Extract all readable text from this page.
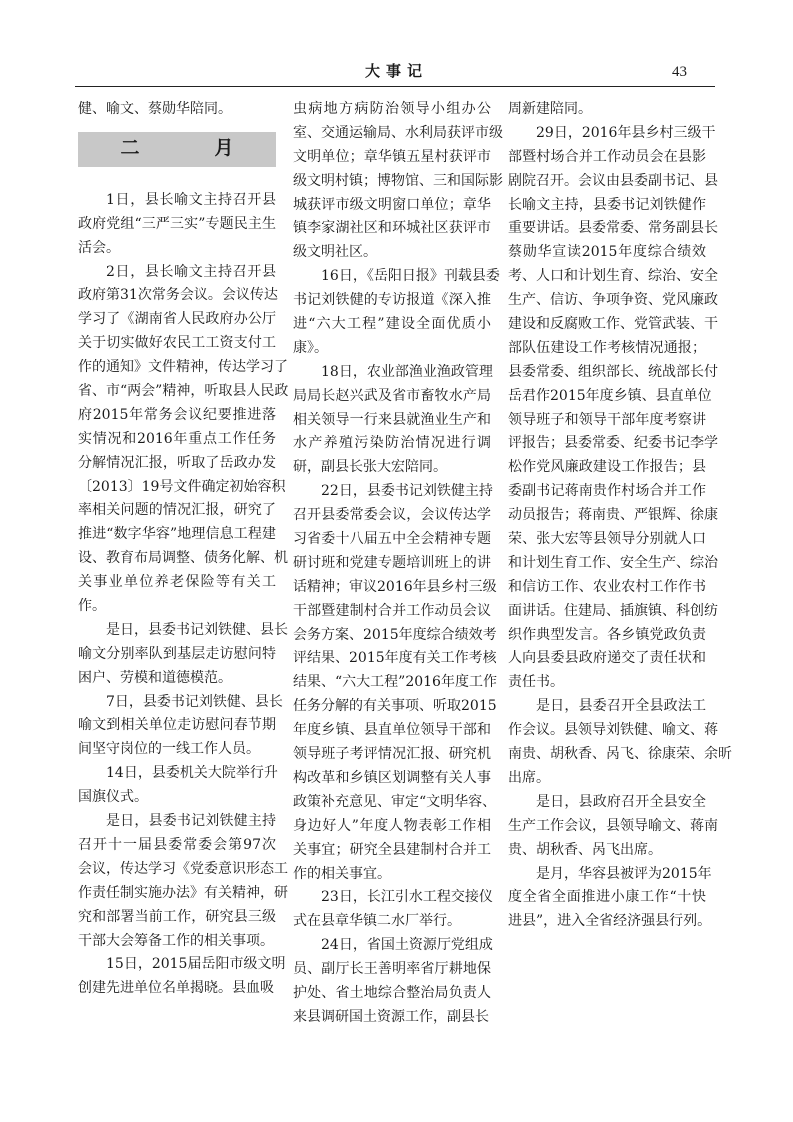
大事记	43
健、喻文、蔡勋华陪同。
二　月
1日，县长喻文主持召开县
政府党组“三严三实”专题民主生
活会。
2日，县长喻文主持召开县
政府第31次常务会议。会议传达
学习了《湖南省人民政府办公厅
关于切实做好农民工工资支付工
作的通知》文件精神，传达学习了
省、市“两会”精神，听取县人民政
府2015年常务会议纪要推进落
实情况和2016年重点工作任务
分解情况汇报，听取了岳政办发
〔2013〕19号文件确定初始容积
率相关问题的情况汇报，研究了
推进“数字华容”地理信息工程建
设、教育布局调整、债务化解、机
关事业单位养老保险等有关工
作。
是日，县委书记刘铁健、县长
喻文分别率队到基层走访慰问特
困户、劳模和道德模范。
7日，县委书记刘铁健、县长
喻文到相关单位走访慰问春节期
间坚守岗位的一线工作人员。
14日，县委机关大院举行升
国旗仪式。
是日，县委书记刘铁健主持
召开十一届县委常委会第97次
会议，传达学习《党委意识形态工
作责任制实施办法》有关精神，研
究和部署当前工作，研究县三级
干部大会筹备工作的相关事项。
15日，2015届岳阳市级文明
创建先进单位名单揭晓。县血吸
虫病地方病防治领导小组办公
室、交通运输局、水利局获评市级
文明单位；章华镇五星村获评市
级文明村镇；博物馆、三和国际影
城获评市级文明窗口单位；章华
镇李家湖社区和环城社区获评市
级文明社区。
16日，《岳阳日报》刊载县委
书记刘铁健的专访报道《深入推
进“六大工程”建设全面优质小
康》。
18日，农业部渔业渔政管理
局局长赵兴武及省市畜牧水产局
相关领导一行来县就渔业生产和
水产养殖污染防治情况进行调
研，副县长张大宏陪同。
22日，县委书记刘铁健主持
召开县委常委会议，会议传达学
习省委十八届五中全会精神专题
研讨班和党建专题培训班上的讲
话精神；审议2016年县乡村三级
干部暨建制村合并工作动员会议
会务方案、2015年度综合绩效考
评结果、2015年度有关工作考核
结果、“六大工程”2016年度工作
任务分解的有关事项、听取2015
年度乡镇、县直单位领导干部和
领导班子考评情况汇报、研究机
构改革和乡镇区划调整有关人事
政策补充意见、审定“文明华容、
身边好人”年度人物表彰工作相
关事宜；研究全县建制村合并工
作的相关事宜。
23日，长江引水工程交接仪
式在县章华镇二水厂举行。
24日，省国土资源厅党组成
员、副厅长王善明率省厅耕地保
护处、省土地综合整治局负责人
来县调研国土资源工作，副县长
周新建陪同。
29日，2016年县乡村三级干
部暨村场合并工作动员会在县影
剧院召开。会议由县委副书记、县
长喻文主持，县委书记刘铁健作
重要讲话。县委常委、常务副县长
蔡勋华宣读2015年度综合绩效
考、人口和计划生育、综治、安全
生产、信访、争项争资、党风廉政
建设和反腐败工作、党管武装、干
部队伍建设工作考核情况通报；
县委常委、组织部长、统战部长付
岳君作2015年度乡镇、县直单位
领导班子和领导干部年度考察讲
评报告；县委常委、纪委书记李学
松作党风廉政建设工作报告；县
委副书记蒋南贵作村场合并工作
动员报告；蒋南贵、严银辉、徐康
荣、张大宏等县领导分别就人口
和计划生育工作、安全生产、综治
和信访工作、农业农村工作作书
面讲话。住建局、插旗镇、科创纺
织作典型发言。各乡镇党政负责
人向县委县政府递交了责任状和
责任书。
是日，县委召开全县政法工
作会议。县领导刘铁健、喻文、蒋
南贵、胡秋香、呙飞、徐康荣、余昕
出席。
是日，县政府召开全县安全
生产工作会议，县领导喻文、蒋南
贵、胡秋香、呙飞出席。
是月，华容县被评为2015年
度全省全面推进小康工作“十快
进县”，进入全省经济强县行列。
